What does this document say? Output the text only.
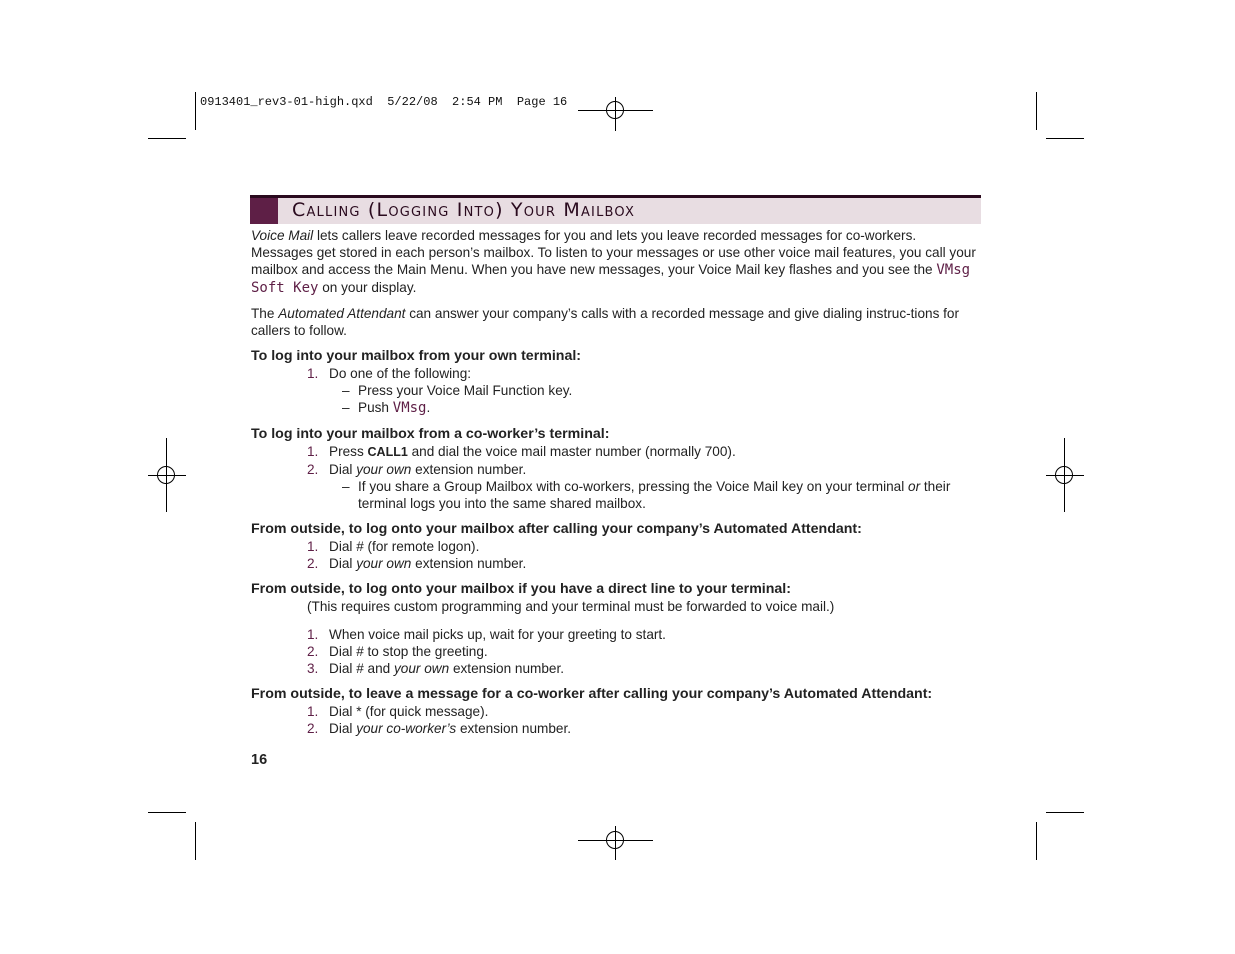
0913401_rev3-01-high.qxd  5/22/08  2:54 PM  Page 16
Calling (Logging Into) Your Mailbox

Voice Mail lets callers leave recorded messages for you and lets you leave recorded messages for co-workers. Messages get stored in each person’s mailbox. To listen to your messages or use other voice mail features, you call your mailbox and access the Main Menu. When you have new messages, your Voice Mail key flashes and you see the VMsg Soft Key on your display.

The Automated Attendant can answer your company’s calls with a recorded message and give dialing instruc-tions for callers to follow.

To log into your mailbox from your own terminal:
1. Do one of the following:
– Press your Voice Mail Function key.
– Push VMsg.
To log into your mailbox from a co-worker’s terminal:
1. Press CALL1 and dial the voice mail master number (normally 700).
2. Dial your own extension number.
– If you share a Group Mailbox with co-workers, pressing the Voice Mail key on your terminal or their terminal logs you into the same shared mailbox.
From outside, to log onto your mailbox after calling your company’s Automated Attendant:
1. Dial # (for remote logon).
2. Dial your own extension number.
From outside, to log onto your mailbox if you have a direct line to your terminal:
(This requires custom programming and your terminal must be forwarded to voice mail.)
1. When voice mail picks up, wait for your greeting to start.
2. Dial # to stop the greeting.
3. Dial # and your own extension number.
From outside, to leave a message for a co-worker after calling your company’s Automated Attendant:
1. Dial * (for quick message).
2. Dial your co-worker’s extension number.
16
